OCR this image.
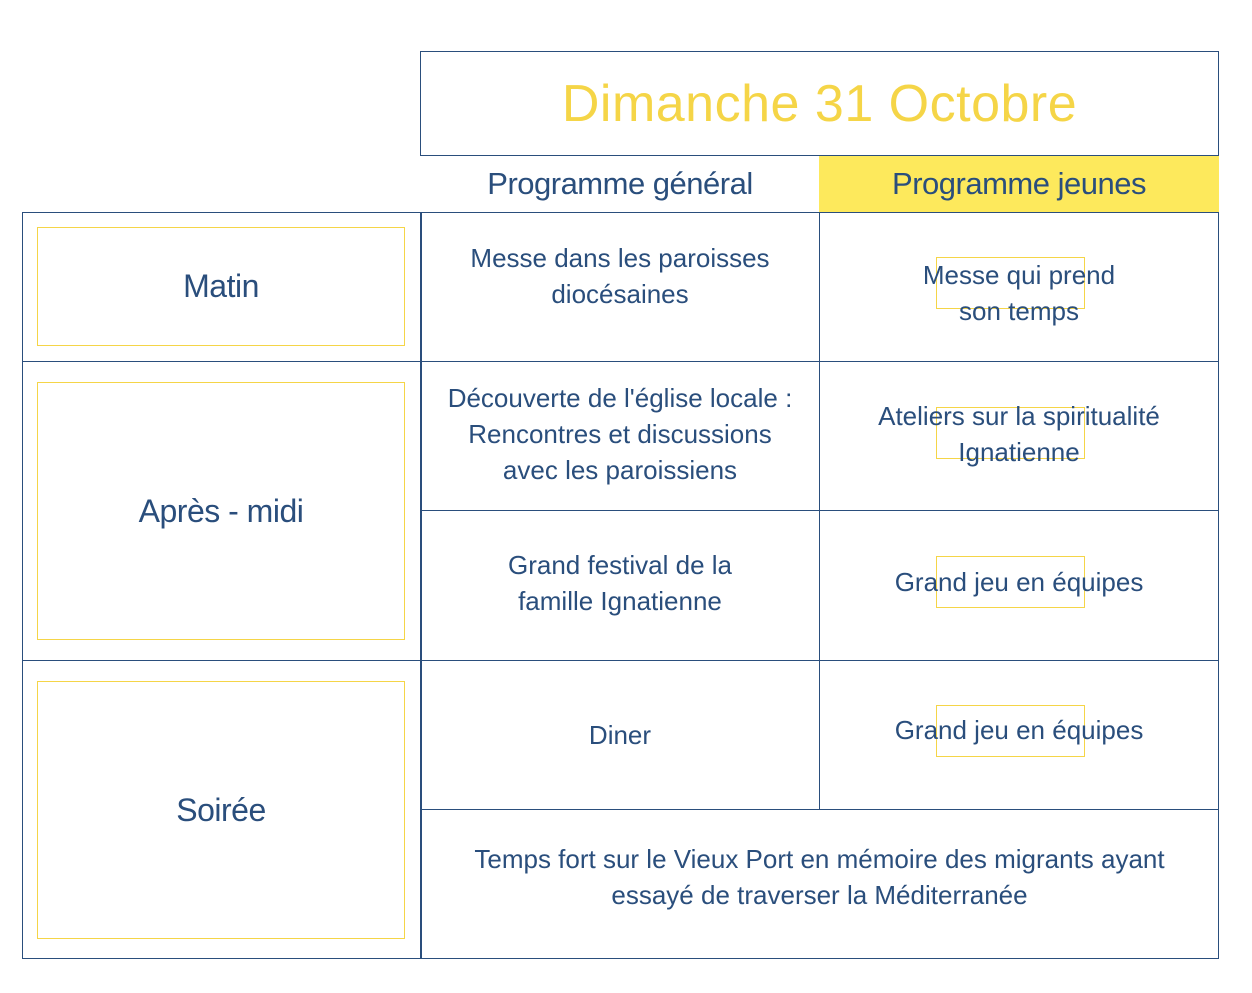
Dimanche 31 Octobre
Programme général	Programme jeunes
Matin
Après - midi
Soirée
Messe dans les paroisses
diocésaines
Messe qui prend
son temps
Découverte de l'église locale :
Rencontres et discussions
avec les paroissiens
Ateliers sur la spiritualité
Ignatienne
Grand festival de la
famille Ignatienne
Grand jeu en équipes
Diner	Grand jeu en équipes
Temps fort sur le Vieux Port en mémoire des migrants ayant
essayé de traverser la Méditerranée
